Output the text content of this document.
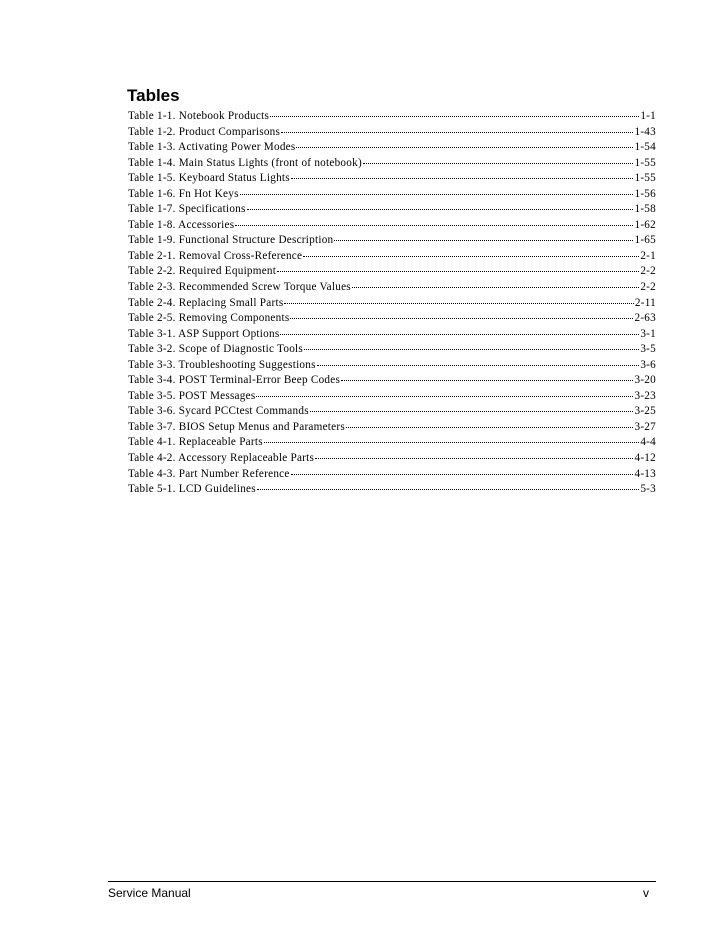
Tables
Table 1-1. Notebook Products	1-1
Table 1-2. Product Comparisons	1-43
Table 1-3. Activating Power Modes	1-54
Table 1-4. Main Status Lights (front of notebook)	1-55
Table 1-5. Keyboard Status Lights	1-55
Table 1-6. Fn Hot Keys	1-56
Table 1-7. Specifications	1-58
Table 1-8. Accessories	1-62
Table 1-9. Functional Structure Description	1-65
Table 2-1. Removal Cross-Reference	2-1
Table 2-2. Required Equipment	2-2
Table 2-3. Recommended Screw Torque Values	2-2
Table 2-4. Replacing Small Parts	2-11
Table 2-5. Removing Components	2-63
Table 3-1. ASP Support Options	3-1
Table 3-2. Scope of Diagnostic Tools	3-5
Table 3-3. Troubleshooting Suggestions	3-6
Table 3-4. POST Terminal-Error Beep Codes	3-20
Table 3-5. POST Messages	3-23
Table 3-6. Sycard PCCtest Commands	3-25
Table 3-7. BIOS Setup Menus and Parameters	3-27
Table 4-1. Replaceable Parts	4-4
Table 4-2. Accessory Replaceable Parts	4-12
Table 4-3. Part Number Reference	4-13
Table 5-1. LCD Guidelines	5-3
Service Manual	v
